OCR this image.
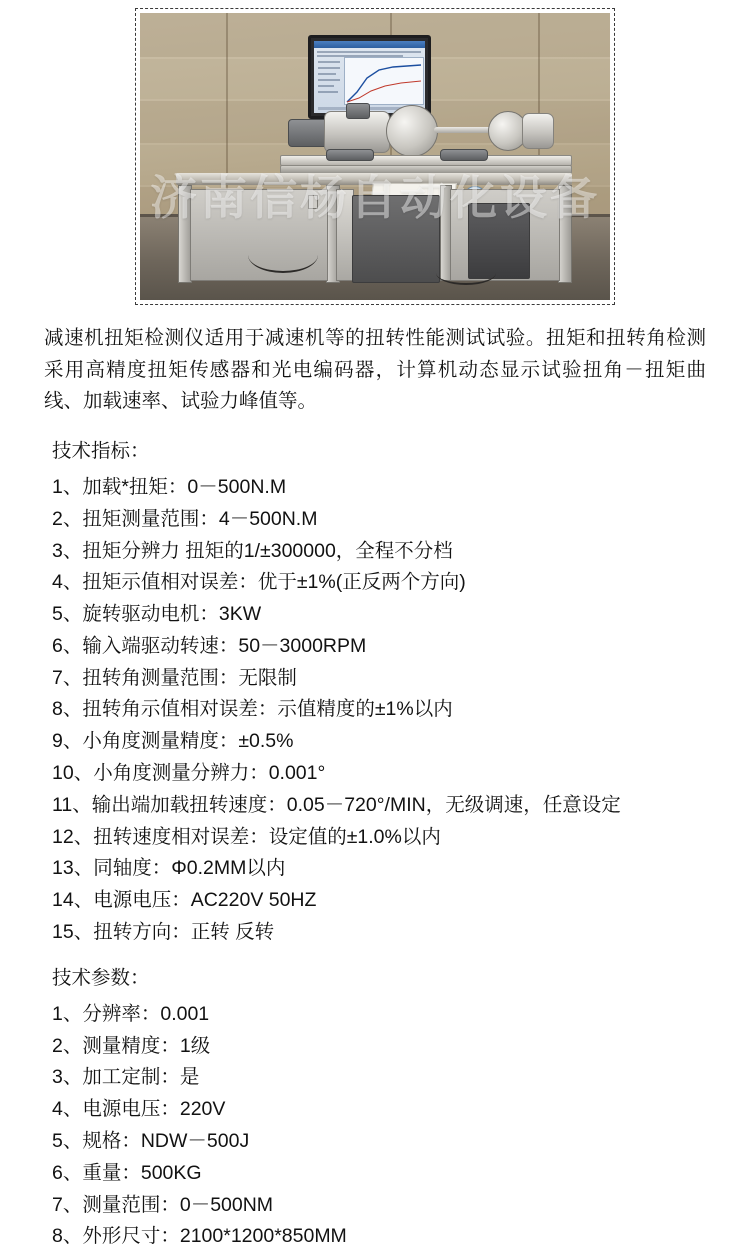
济南信杨自动化设备

减速机扭矩检测仪适用于减速机等的扭转性能测试试验。扭矩和扭转角检测采用高精度扭矩传感器和光电编码器，计算机动态显示试验扭角－扭矩曲线、加载速率、试验力峰值等。

技术指标：
1、加载*扭矩：0－500N.M
2、扭矩测量范围：4－500N.M
3、扭矩分辨力 扭矩的1/±300000，全程不分档
4、扭矩示值相对误差：优于±1%(正反两个方向)
5、旋转驱动电机：3KW
6、输入端驱动转速：50－3000RPM
7、扭转角测量范围：无限制
8、扭转角示值相对误差：示值精度的±1%以内
9、小角度测量精度：±0.5%
10、小角度测量分辨力：0.001°
11、输出端加载扭转速度：0.05－720°/MIN，无级调速，任意设定
12、扭转速度相对误差：设定值的±1.0%以内
13、同轴度：Φ0.2MM以内
14、电源电压：AC220V 50HZ
15、扭转方向：正转 反转
技术参数：
1、分辨率：0.001
2、测量精度：1级
3、加工定制：是
4、电源电压：220V
5、规格：NDW－500J
6、重量：500KG
7、测量范围：0－500NM
8、外形尺寸：2100*1200*850MM
